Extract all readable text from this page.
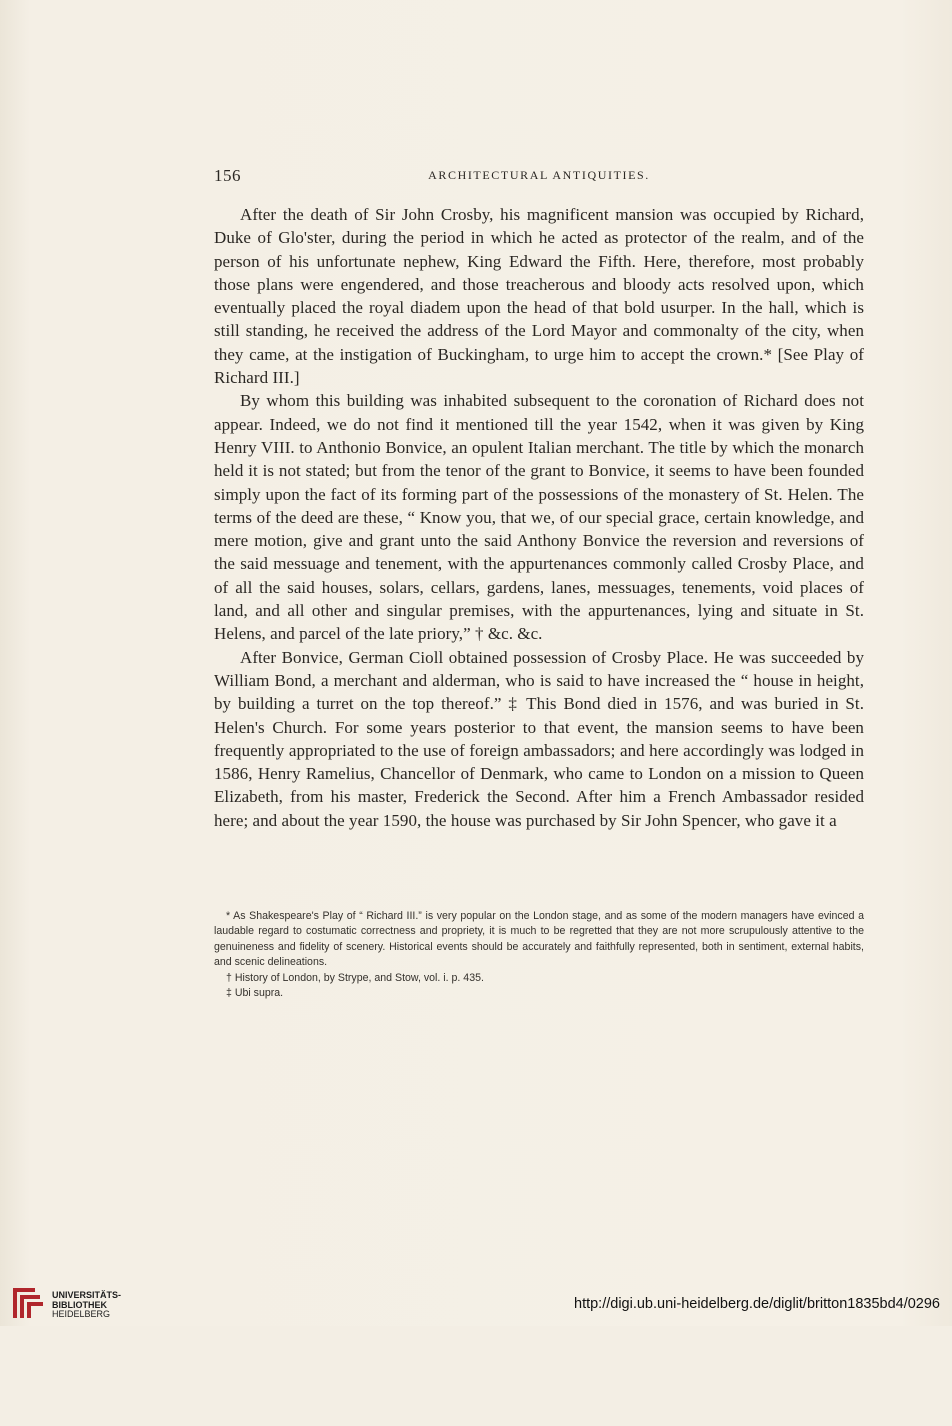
156	ARCHITECTURAL ANTIQUITIES.

After the death of Sir John Crosby, his magnificent mansion was occupied by Richard, Duke of Glo'ster, during the period in which he acted as protector of the realm, and of the person of his unfortunate nephew, King Edward the Fifth. Here, therefore, most probably those plans were engendered, and those treacherous and bloody acts resolved upon, which eventually placed the royal diadem upon the head of that bold usurper. In the hall, which is still standing, he received the address of the Lord Mayor and commonalty of the city, when they came, at the instigation of Buckingham, to urge him to accept the crown.* [See Play of Richard III.]

By whom this building was inhabited subsequent to the coronation of Richard does not appear. Indeed, we do not find it mentioned till the year 1542, when it was given by King Henry VIII. to Anthonio Bonvice, an opulent Italian merchant. The title by which the monarch held it is not stated; but from the tenor of the grant to Bonvice, it seems to have been founded simply upon the fact of its forming part of the possessions of the monastery of St. Helen. The terms of the deed are these, “ Know you, that we, of our special grace, certain knowledge, and mere motion, give and grant unto the said Anthony Bonvice the reversion and reversions of the said messuage and tenement, with the appurtenances commonly called Crosby Place, and of all the said houses, solars, cellars, gardens, lanes, messuages, tenements, void places of land, and all other and singular premises, with the appurtenances, lying and situate in St. Helens, and parcel of the late priory,” † &c. &c.

After Bonvice, German Cioll obtained possession of Crosby Place. He was succeeded by William Bond, a merchant and alderman, who is said to have increased the “ house in height, by building a turret on the top thereof.” ‡ This Bond died in 1576, and was buried in St. Helen's Church. For some years posterior to that event, the mansion seems to have been frequently appropriated to the use of foreign ambassadors; and here accordingly was lodged in 1586, Henry Ramelius, Chancellor of Denmark, who came to London on a mission to Queen Elizabeth, from his master, Frederick the Second. After him a French Ambassador resided here; and about the year 1590, the house was purchased by Sir John Spencer, who gave it a

* As Shakespeare's Play of “ Richard III.” is very popular on the London stage, and as some of the modern managers have evinced a laudable regard to costumatic correctness and propriety, it is much to be regretted that they are not more scrupulously attentive to the genuineness and fidelity of scenery. Historical events should be accurately and faithfully represented, both in sentiment, external habits, and scenic delineations.

† History of London, by Strype, and Stow, vol. i. p. 435.

‡ Ubi supra.

UNIVERSITÄTS-
BIBLIOTHEK
HEIDELBERG
http://digi.ub.uni-heidelberg.de/diglit/britton1835bd4/0296
